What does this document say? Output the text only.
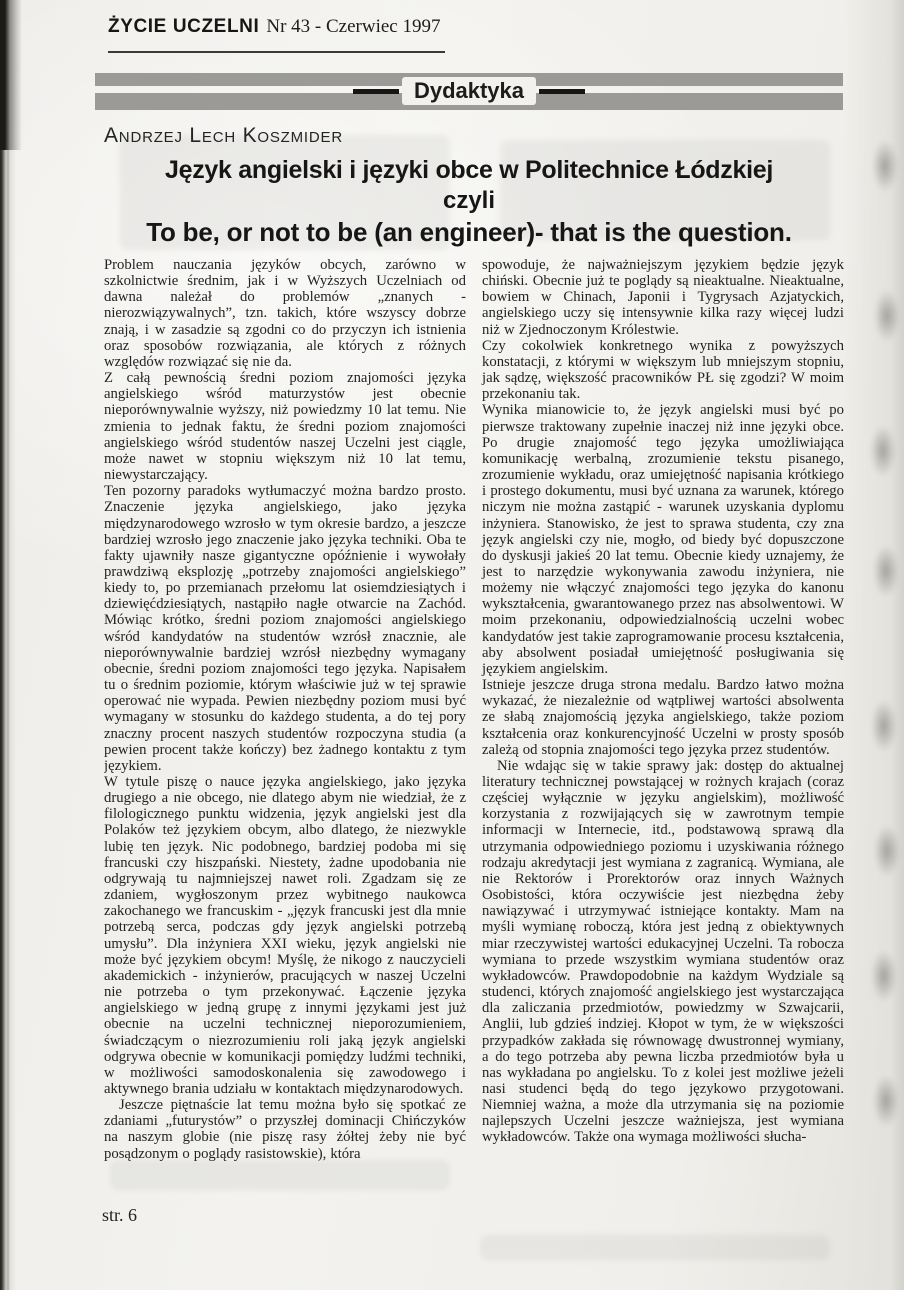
ŻYCIE UCZELNI Nr 43 - Czerwiec 1997
Dydaktyka
Andrzej Lech Koszmider
Język angielski i języki obce w Politechnice Łódzkiej
czyli
To be, or not to be (an engineer)- that is the question.

Problem nauczania języków obcych, zarówno w szkolnictwie średnim, jak i w Wyższych Uczelniach od dawna należał do problemów „znanych - nierozwiązywalnych”, tzn. takich, które wszyscy dobrze znają, i w zasadzie są zgodni co do przyczyn ich istnienia oraz sposobów rozwiązania, ale których z różnych względów rozwiązać się nie da.

Z całą pewnością średni poziom znajomości języka angielskiego wśród maturzystów jest obecnie nieporównywalnie wyższy, niż powiedzmy 10 lat temu. Nie zmienia to jednak faktu, że średni poziom znajomości angielskiego wśród studentów naszej Uczelni jest ciągle, może nawet w stopniu większym niż 10 lat temu, niewystarczający.

Ten pozorny paradoks wytłumaczyć można bardzo prosto. Znaczenie języka angielskiego, jako języka międzynarodowego wzrosło w tym okresie bardzo, a jeszcze bardziej wzrosło jego znaczenie jako języka techniki. Oba te fakty ujawniły nasze gigantyczne opóźnienie i wywołały prawdziwą eksplozję „potrzeby znajomości angielskiego” kiedy to, po przemianach przełomu lat osiemdziesiątych i dziewięćdziesiątych, nastąpiło nagłe otwarcie na Zachód. Mówiąc krótko, średni poziom znajomości angielskiego wśród kandydatów na studentów wzrósł znacznie, ale nieporównywalnie bardziej wzrósł niezbędny wymagany obecnie, średni poziom znajomości tego języka. Napisałem tu o średnim poziomie, którym właściwie już w tej sprawie operować nie wypada. Pewien niezbędny poziom musi być wymagany w stosunku do każdego studenta, a do tej pory znaczny procent naszych studentów rozpoczyna studia (a pewien procent także kończy) bez żadnego kontaktu z tym językiem.

W tytule piszę o nauce języka angielskiego, jako języka drugiego a nie obcego, nie dlatego abym nie wiedział, że z filologicznego punktu widzenia, język angielski jest dla Polaków też językiem obcym, albo dlatego, że niezwykle lubię ten język. Nic podobnego, bardziej podoba mi się francuski czy hiszpański. Niestety, żadne upodobania nie odgrywają tu najmniejszej nawet roli. Zgadzam się ze zdaniem, wygłoszonym przez wybitnego naukowca zakochanego we francuskim - „język francuski jest dla mnie potrzebą serca, podczas gdy język angielski potrzebą umysłu”. Dla inżyniera XXI wieku, język angielski nie może być językiem obcym! Myślę, że nikogo z nauczycieli akademickich - inżynierów, pracujących w naszej Uczelni nie potrzeba o tym przekonywać. Łączenie języka angielskiego w jedną grupę z innymi językami jest już obecnie na uczelni technicznej nieporozumieniem, świadczącym o niezrozumieniu roli jaką język angielski odgrywa obecnie w komunikacji pomiędzy ludźmi techniki, w możliwości samodoskonalenia się zawodowego i aktywnego brania udziału w kontaktach międzynarodowych.

Jeszcze piętnaście lat temu można było się spotkać ze zdaniami „futurystów” o przyszłej dominacji Chińczyków na naszym globie (nie piszę rasy żółtej żeby nie być posądzonym o poglądy rasistowskie), która

spowoduje, że najważniejszym językiem będzie język chiński. Obecnie już te poglądy są nieaktualne. Nieaktualne, bowiem w Chinach, Japonii i Tygrysach Azjatyckich, angielskiego uczy się intensywnie kilka razy więcej ludzi niż w Zjednoczonym Królestwie.

Czy cokolwiek konkretnego wynika z powyższych konstatacji, z którymi w większym lub mniejszym stopniu, jak sądzę, większość pracowników PŁ się zgodzi? W moim przekonaniu tak.

Wynika mianowicie to, że język angielski musi być po pierwsze traktowany zupełnie inaczej niż inne języki obce. Po drugie znajomość tego języka umożliwiająca komunikację werbalną, zrozumienie tekstu pisanego, zrozumienie wykładu, oraz umiejętność napisania krótkiego i prostego dokumentu, musi być uznana za warunek, którego niczym nie można zastąpić - warunek uzyskania dyplomu inżyniera. Stanowisko, że jest to sprawa studenta, czy zna język angielski czy nie, mogło, od biedy być dopuszczone do dyskusji jakieś 20 lat temu. Obecnie kiedy uznajemy, że jest to narzędzie wykonywania zawodu inżyniera, nie możemy nie włączyć znajomości tego języka do kanonu wykształcenia, gwarantowanego przez nas absolwentowi. W moim przekonaniu, odpowiedzialnością uczelni wobec kandydatów jest takie zaprogramowanie procesu kształcenia, aby absolwent posiadał umiejętność posługiwania się językiem angielskim.

Istnieje jeszcze druga strona medalu. Bardzo łatwo można wykazać, że niezależnie od wątpliwej wartości absolwenta ze słabą znajomością języka angielskiego, także poziom kształcenia oraz konkurencyjność Uczelni w prosty sposób zależą od stopnia znajomości tego języka przez studentów.

Nie wdając się w takie sprawy jak: dostęp do aktualnej literatury technicznej powstającej w rożnych krajach (coraz częściej wyłącznie w języku angielskim), możliwość korzystania z rozwijających się w zawrotnym tempie informacji w Internecie, itd., podstawową sprawą dla utrzymania odpowiedniego poziomu i uzyskiwania różnego rodzaju akredytacji jest wymiana z zagranicą. Wymiana, ale nie Rektorów i Prorektorów oraz innych Ważnych Osobistości, która oczywiście jest niezbędna żeby nawiązywać i utrzymywać istniejące kontakty. Mam na myśli wymianę roboczą, która jest jedną z obiektywnych miar rzeczywistej wartości edukacyjnej Uczelni. Ta robocza wymiana to przede wszystkim wymiana studentów oraz wykładowców. Prawdopodobnie na każdym Wydziale są studenci, których znajomość angielskiego jest wystarczająca dla zaliczania przedmiotów, powiedzmy w Szwajcarii, Anglii, lub gdzieś indziej. Kłopot w tym, że w większości przypadków zakłada się równowagę dwustronnej wymiany, a do tego potrzeba aby pewna liczba przedmiotów była u nas wykładana po angielsku. To z kolei jest możliwe jeżeli nasi studenci będą do tego językowo przygotowani. Niemniej ważna, a może dla utrzymania się na poziomie najlepszych Uczelni jeszcze ważniejsza, jest wymiana wykładowców. Także ona wymaga możliwości słucha-

str. 6
